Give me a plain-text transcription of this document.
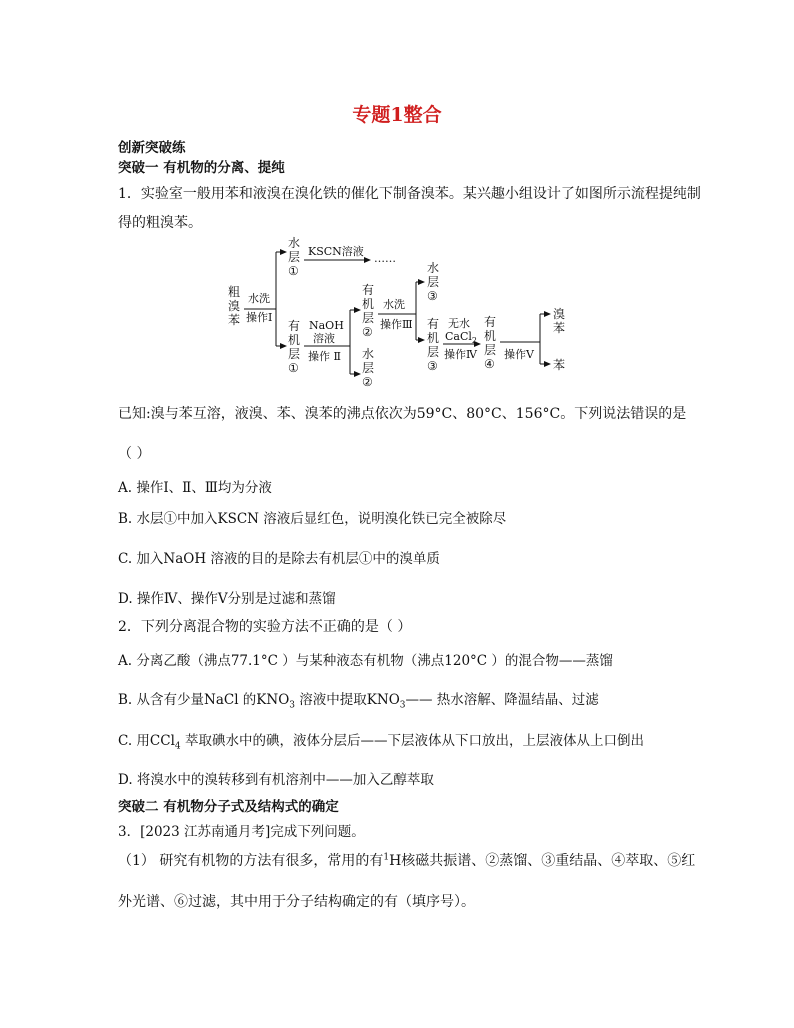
专题1整合
创新突破练
突破一 有机物的分离、提纯
1．实验室一般用苯和液溴在溴化铁的催化下制备溴苯。某兴趣小组设计了如图所示流程提纯制
得的粗溴苯。
粗
溴
苯
水洗
操作Ⅰ
水
层
①
KSCN溶液
……
有
机
层
①
NaOH
溶液
操作 Ⅱ
有
机
层
②
水
层
②
水洗
操作Ⅲ
水
层
③
有
机
层
③
无水
CaCl$_2$
操作Ⅳ
有
机
层
④
操作Ⅴ
溴
苯
苯
已知:溴与苯互溶，液溴、苯、溴苯的沸点依次为59°C、80°C、156°C。下列说法错误的是
（ ）
A. 操作Ⅰ、Ⅱ、Ⅲ均为分液
B. 水层①中加入KSCN 溶液后显红色，说明溴化铁已完全被除尽
C. 加入NaOH 溶液的目的是除去有机层①中的溴单质
D. 操作Ⅳ、操作Ⅴ分别是过滤和蒸馏
2．下列分离混合物的实验方法不正确的是（ ）
A. 分离乙酸（沸点77.1°C ）与某种液态有机物（沸点120°C ）的混合物——蒸馏
B. 从含有少量NaCl 的$KNO_3$ 溶液中提取$KNO_3——$ 热水溶解、降温结晶、过滤
C. 用CCl$_4$ 萃取碘水中的碘，液体分层后——下层液体从下口放出，上层液体从上口倒出
D. 将溴水中的溴转移到有机溶剂中——加入乙醇萃取
突破二 有机物分子式及结构式的确定
3．[2023 江苏南通月考]完成下列问题。
（1） 研究有机物的方法有很多，常用的有$^1$H核磁共振谱、②蒸馏、③重结晶、④萃取、⑤红
外光谱、⑥过滤，其中用于分子结构确定的有（填序号）。
